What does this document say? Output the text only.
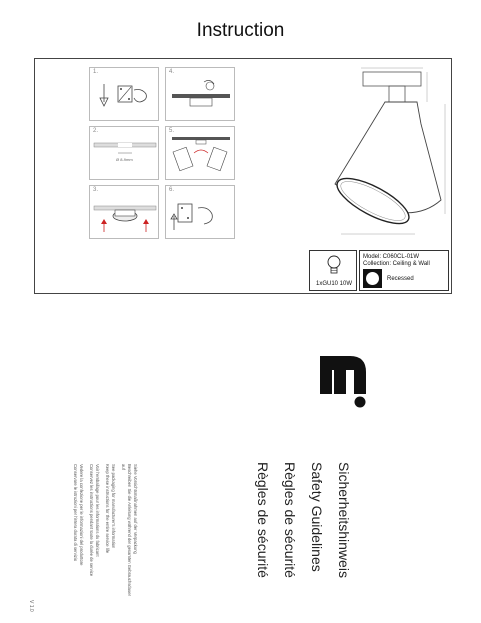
Instruction
1.
2.
Ø 8-9mm
3.
4.
5.
6.
1xGU10 10W
Model: C060CL-01W
Collection: Ceiling & Wall
Recessed
Sicherheitshinweis
Safety Guidelines
Règles de sécurité
Règles de sécurité
Siehe Vorsichtsmaßnahmen auf der Verpackung
Beschreiben Sie die Anleitung während der gesamten Gebrauchsdauer
auf
See packaging for manufacturer's information
Keep these instructions for the entire service life
Voir l'emballage pour les informations du fabricant
Conservez les instructions pendant toute la durée de service
Vedere la confezione per le informazioni del produttore
Conservare le istruzioni per l'intera durata di servizio
V 1.0
